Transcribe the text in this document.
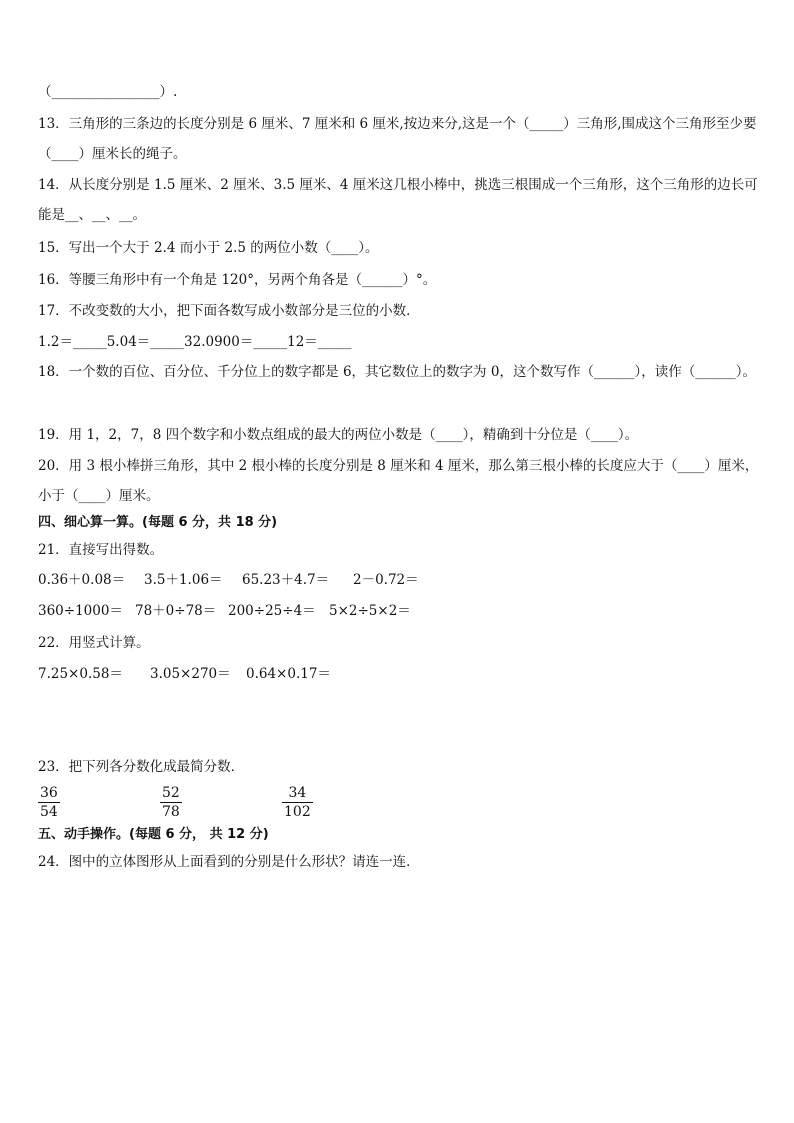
（________________）.
13．三角形的三条边的长度分别是 6 厘米、7 厘米和 6 厘米,按边来分,这是一个（_____）三角形,围成这个三角形至少要（____）厘米长的绳子。
14．从长度分别是 1.5 厘米、2 厘米、3.5 厘米、4 厘米这几根小棒中，挑选三根围成一个三角形，这个三角形的边长可能是__、__、__。
15．写出一个大于 2.4 而小于 2.5 的两位小数（____）。
16．等腰三角形中有一个角是 120°，另两个角各是（______）°。
17．不改变数的大小，把下面各数写成小数部分是三位的小数．
1.2＝_____5.04＝_____32.0900＝_____12＝_____
18．一个数的百位、百分位、千分位上的数字都是 6，其它数位上的数字为 0，这个数写作（______），读作（______）。
19．用 1，2，7，8 四个数字和小数点组成的最大的两位小数是（____），精确到十分位是（____）。
20．用 3 根小棒拼三角形，其中 2 根小棒的长度分别是 8 厘米和 4 厘米，那么第三根小棒的长度应大于（____）厘米，小于（____）厘米。
四、细心算一算。(每题 6 分，共 18 分)
21．直接写出得数。
0.36＋0.08＝ 3.5＋1.06＝ 65.23＋4.7＝ 2－0.72＝
360÷1000＝ 78＋0÷78＝ 200÷25÷4＝ 5×2÷5×2＝
22．用竖式计算。
7.25×0.58＝ 3.05×270＝ 0.64×0.17＝
23．把下列各分数化成最简分数．
36
54
52
78
34
102
五、动手操作。(每题 6 分， 共 12 分)
24．图中的立体图形从上面看到的分别是什么形状？请连一连．
